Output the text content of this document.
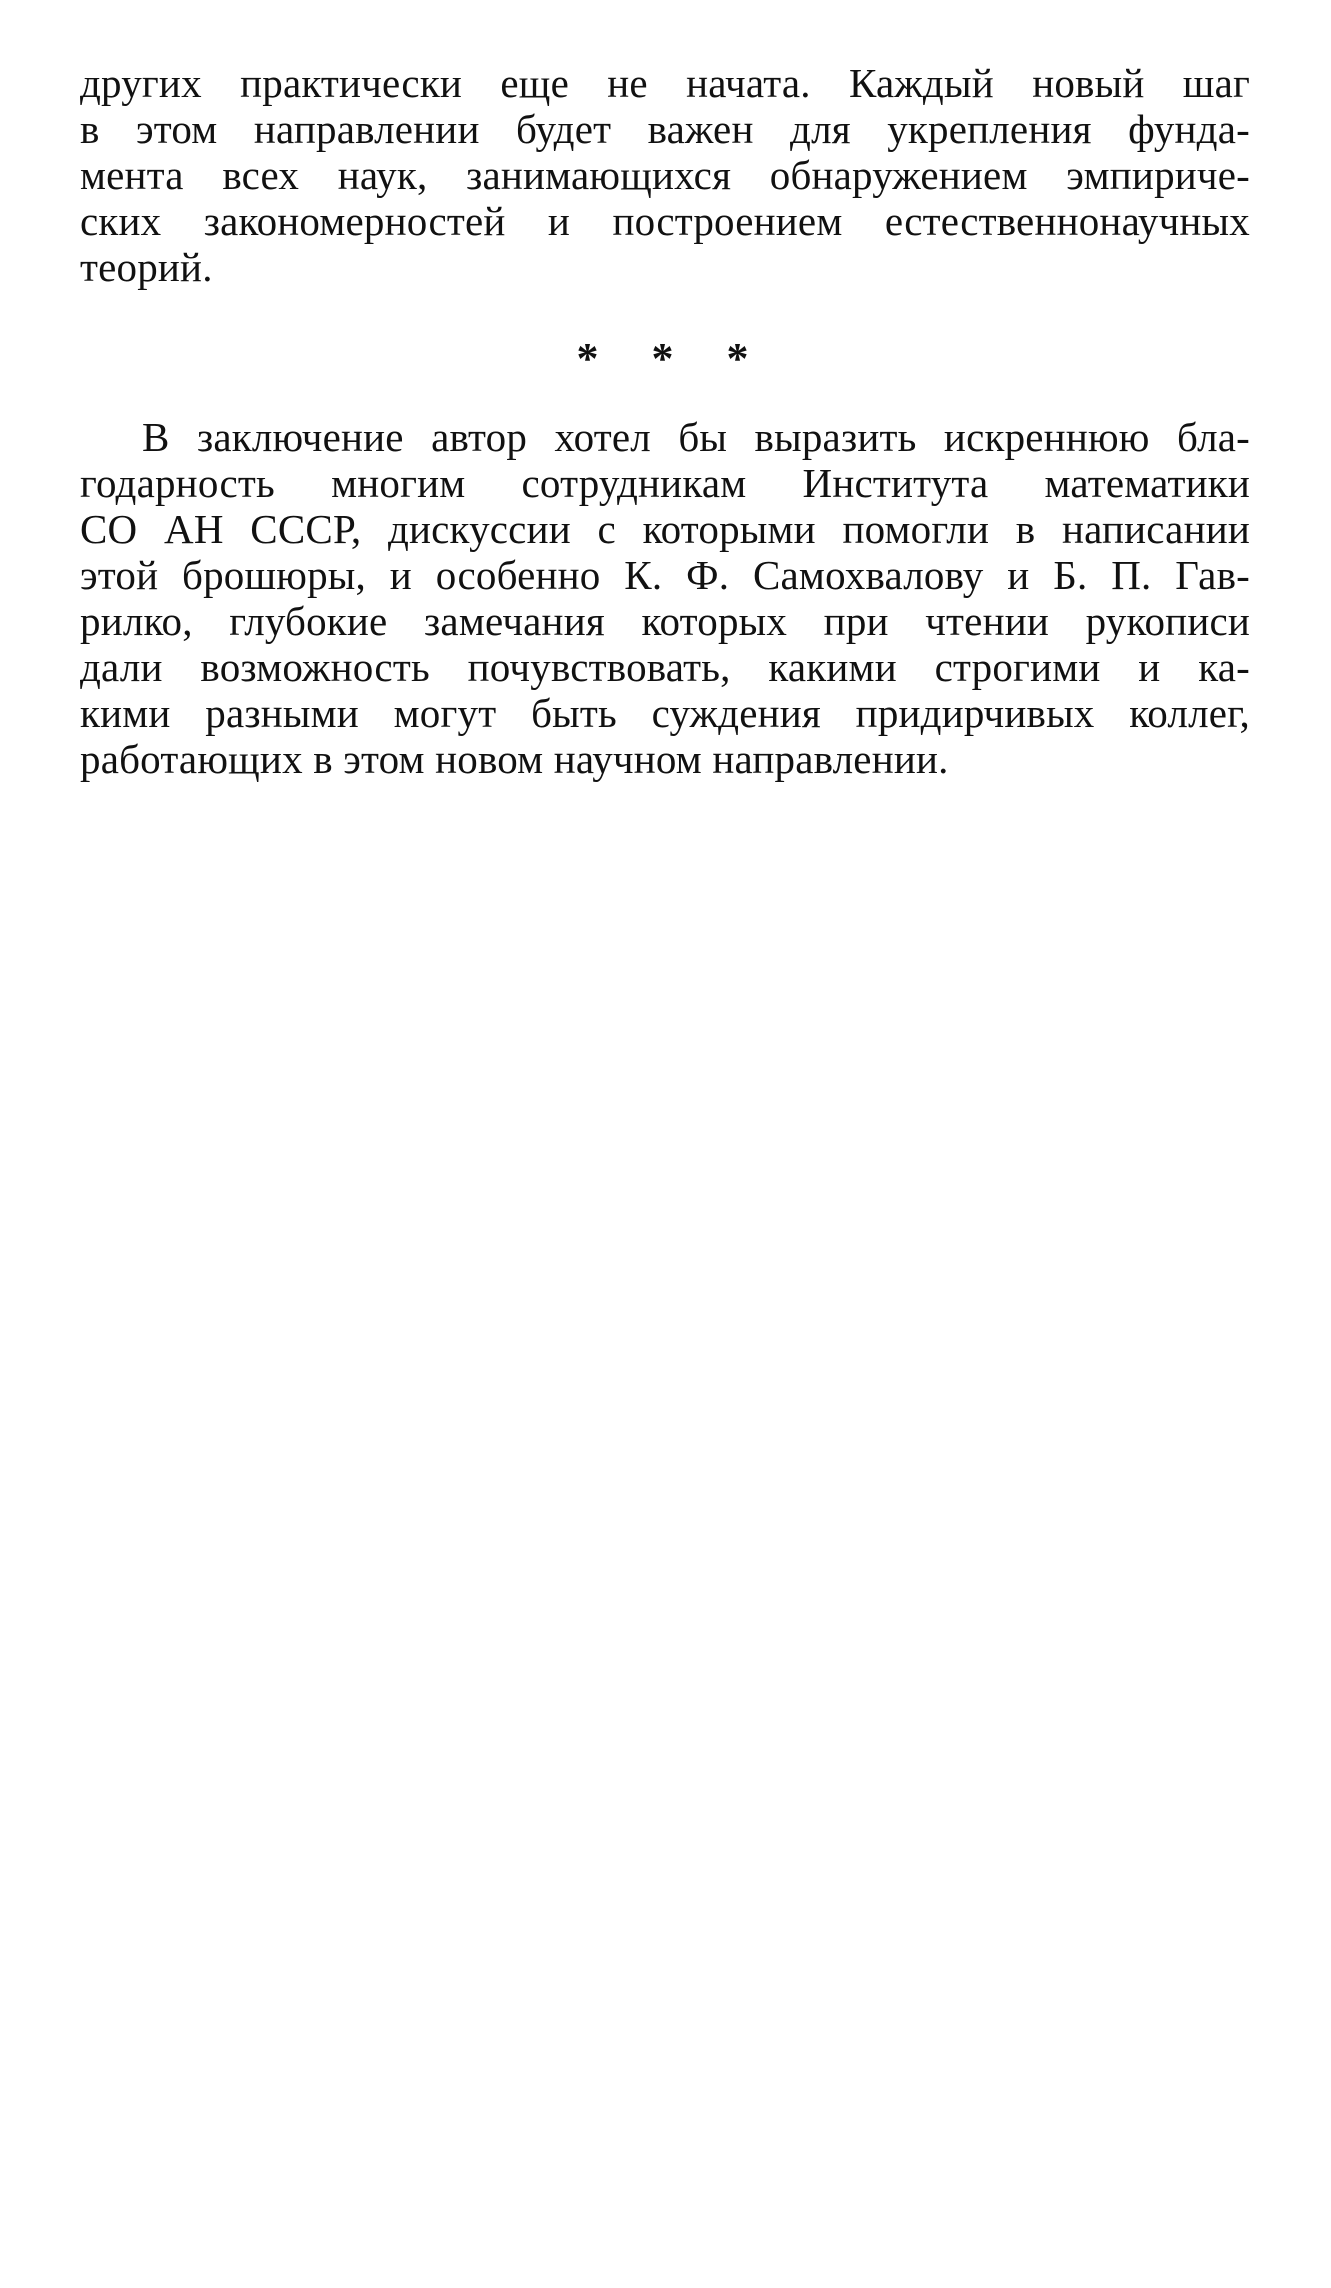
других практически еще не начата. Каждый новый шаг
в этом направлении будет важен для укрепления фунда-
мента всех наук, занимающихся обнаружением эмпириче-
ских закономерностей и построением естественнонаучных
теорий.
* * *
В заключение автор хотел бы выразить искреннюю бла-
годарность многим сотрудникам Института математики
СО АН СССР, дискуссии с которыми помогли в написании
этой брошюры, и особенно К. Ф. Самохвалову и Б. П. Гав-
рилко, глубокие замечания которых при чтении рукописи
дали возможность почувствовать, какими строгими и ка-
кими разными могут быть суждения придирчивых коллег,
работающих в этом новом научном направлении.
